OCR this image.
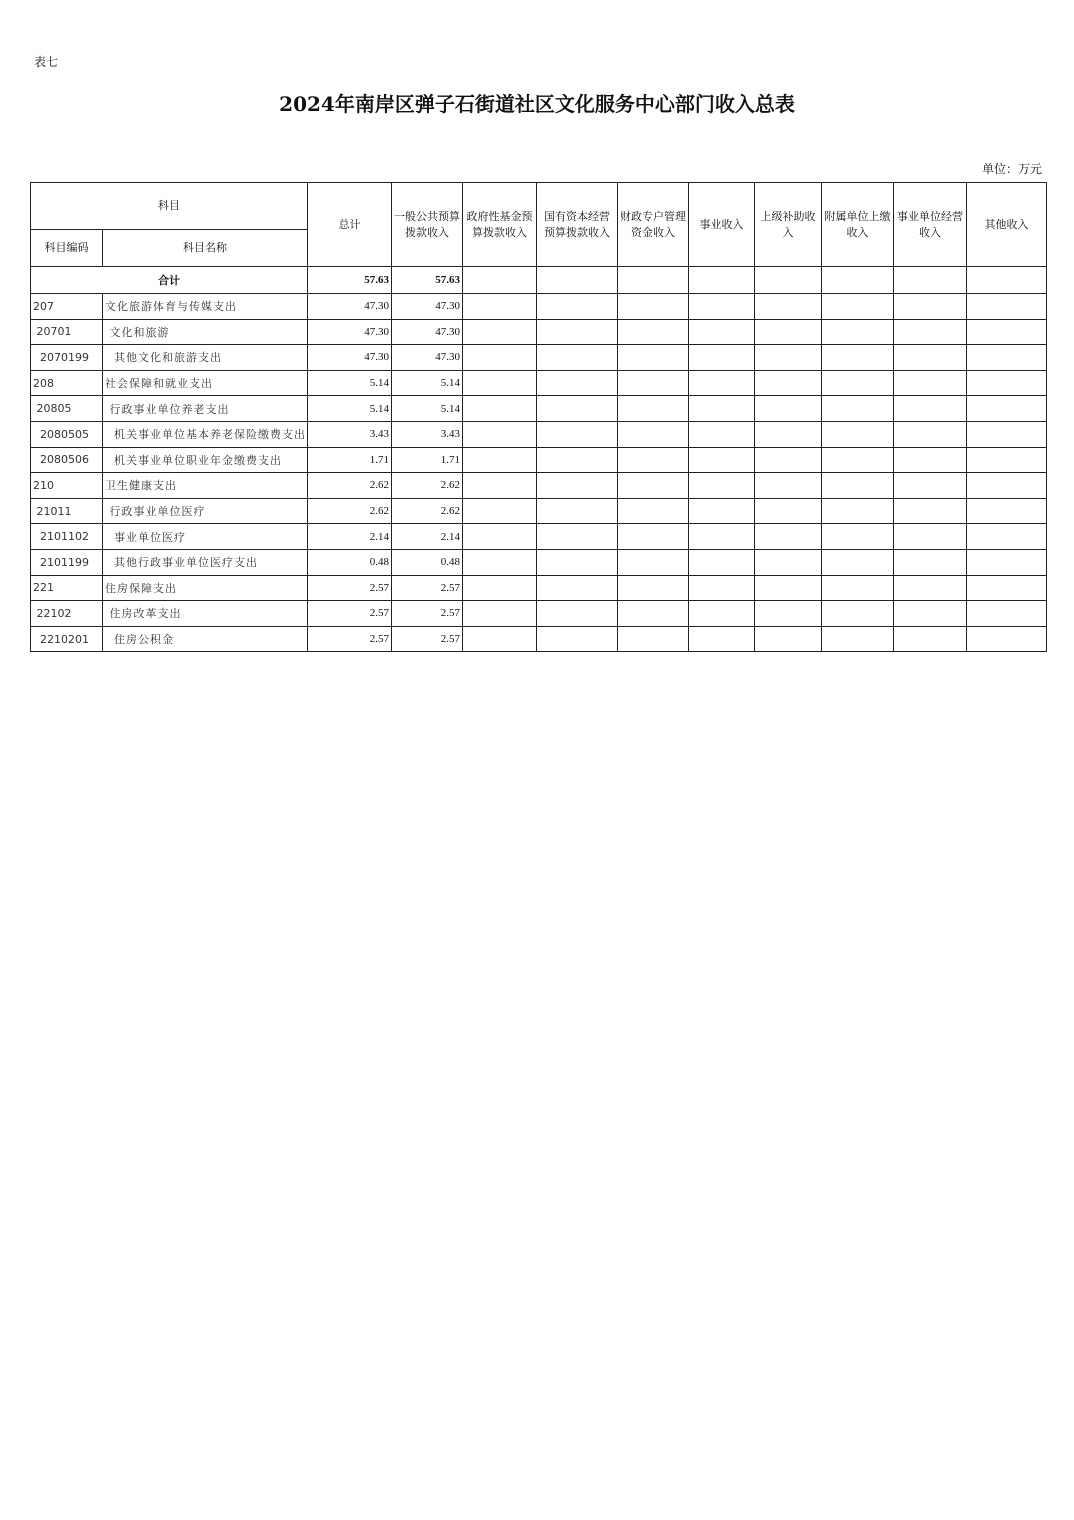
表七
2024年南岸区弹子石街道社区文化服务中心部门收入总表
单位：万元
科目		总计	一般公共预算拨款收入	政府性基金预算拨款收入	国有资本经营预算拨款收入	财政专户管理资金收入	事业收入	上级补助收入	附属单位上缴收入	事业单位经营收入	其他收入
科目编码	科目名称										
合计		57.63	57.63								
207	文化旅游体育与传媒支出	47.30	47.30								
20701	文化和旅游	47.30	47.30								
2070199	其他文化和旅游支出	47.30	47.30								
208	社会保障和就业支出	5.14	5.14								
20805	行政事业单位养老支出	5.14	5.14								
2080505	机关事业单位基本养老保险缴费支出	3.43	3.43								
2080506	机关事业单位职业年金缴费支出	1.71	1.71								
210	卫生健康支出	2.62	2.62								
21011	行政事业单位医疗	2.62	2.62								
2101102	事业单位医疗	2.14	2.14								
2101199	其他行政事业单位医疗支出	0.48	0.48								
221	住房保障支出	2.57	2.57								
22102	住房改革支出	2.57	2.57								
2210201	住房公积金	2.57	2.57								
